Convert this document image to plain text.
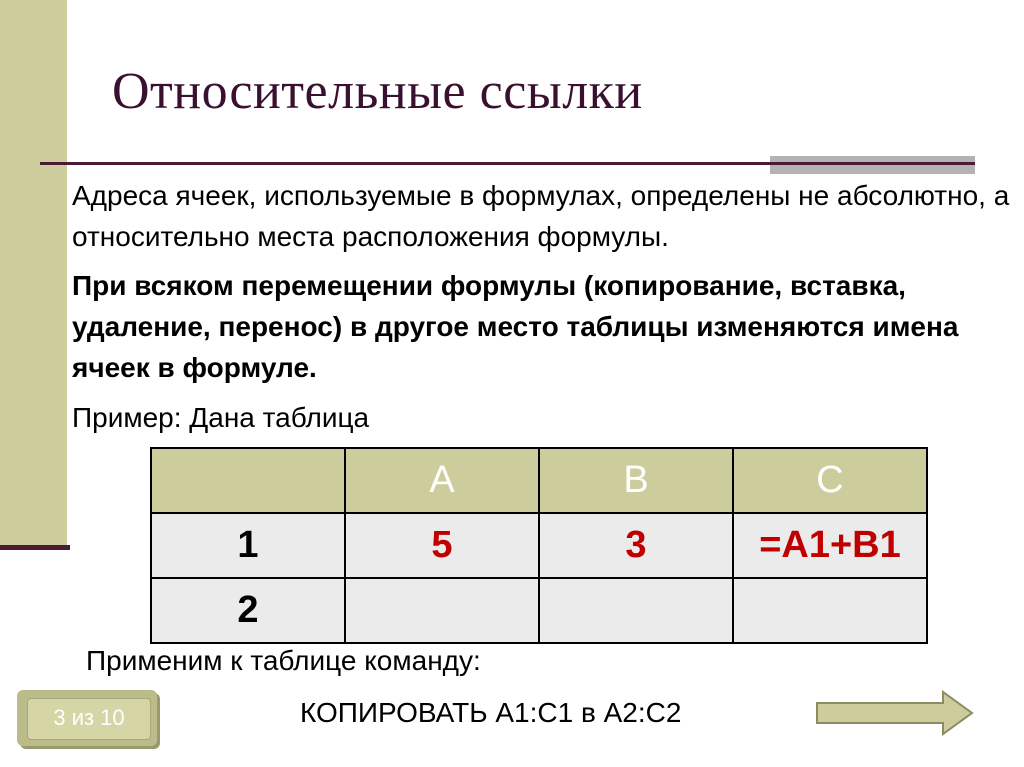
Относительные ссылки
Адреса ячеек, используемые в формулах, определены не абсолютно, а относительно места расположения формулы.
При всяком перемещении формулы (копирование, вставка, удаление, перенос) в другое место таблицы изменяются имена ячеек в формуле.
Пример: Дана таблица
	A	B	C
1	5	3	=A1+B1
2			
Применим к таблице команду:
КОПИРОВАТЬ A1:C1 в A2:C2
3 из 10
